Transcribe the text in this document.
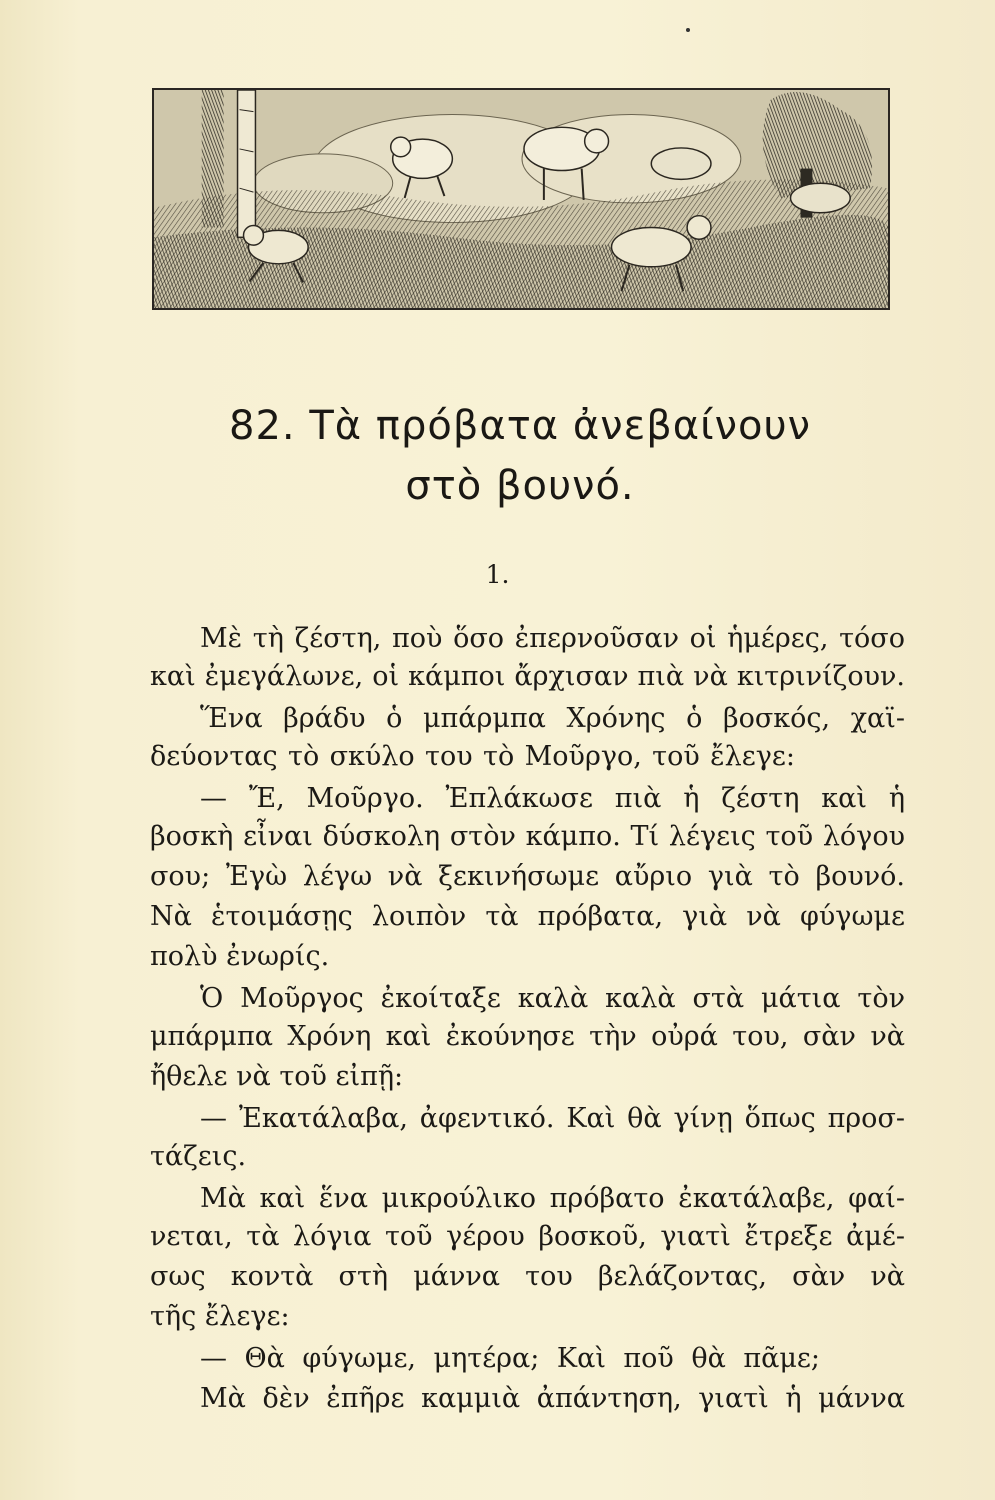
82. Τὰ πρόβατα ἀνεβαίνουν
στὸ βουνό.
1.
Μὲ τὴ ζέστη, ποὺ ὅσο ἐπερνοῦσαν οἱ ἡμέρες, τόσο
καὶ ἐμεγάλωνε, οἱ κάμποι ἄρχισαν πιὰ νὰ κιτρινίζουν.
Ἕνα βράδυ ὁ μπάρμπα Χρόνης ὁ βοσκός, χαϊ-
δεύοντας τὸ σκύλο του τὸ Μοῦργο, τοῦ ἔλεγε:
— Ἔ, Μοῦργο. Ἐπλάκωσε πιὰ ἡ ζέστη καὶ ἡ
βοσκὴ εἶναι δύσκολη στὸν κάμπο. Τί λέγεις τοῦ λόγου
σου; Ἐγὼ λέγω νὰ ξεκινήσωμε αὔριο γιὰ τὸ βουνό.
Νὰ ἑτοιμάσῃς λοιπὸν τὰ πρόβατα, γιὰ νὰ φύγωμε
πολὺ ἐνωρίς.
Ὁ Μοῦργος ἐκοίταξε καλὰ καλὰ στὰ μάτια τὸν
μπάρμπα Χρόνη καὶ ἐκούνησε τὴν οὐρά του, σὰν νὰ
ἤθελε νὰ τοῦ εἰπῇ:
— Ἐκατάλαβα, ἀφεντικό. Καὶ θὰ γίνῃ ὅπως προσ-
τάζεις.
Μὰ καὶ ἕνα μικρούλικο πρόβατο ἐκατάλαβε, φαί-
νεται, τὰ λόγια τοῦ γέρου βοσκοῦ, γιατὶ ἔτρεξε ἀμέ-
σως κοντὰ στὴ μάννα του βελάζοντας, σὰν νὰ
τῆς ἔλεγε:
— Θὰ φύγωμε, μητέρα; Καὶ ποῦ θὰ πᾶμε;
Μὰ δὲν ἐπῆρε καμμιὰ ἀπάντηση, γιατὶ ἡ μάννα
